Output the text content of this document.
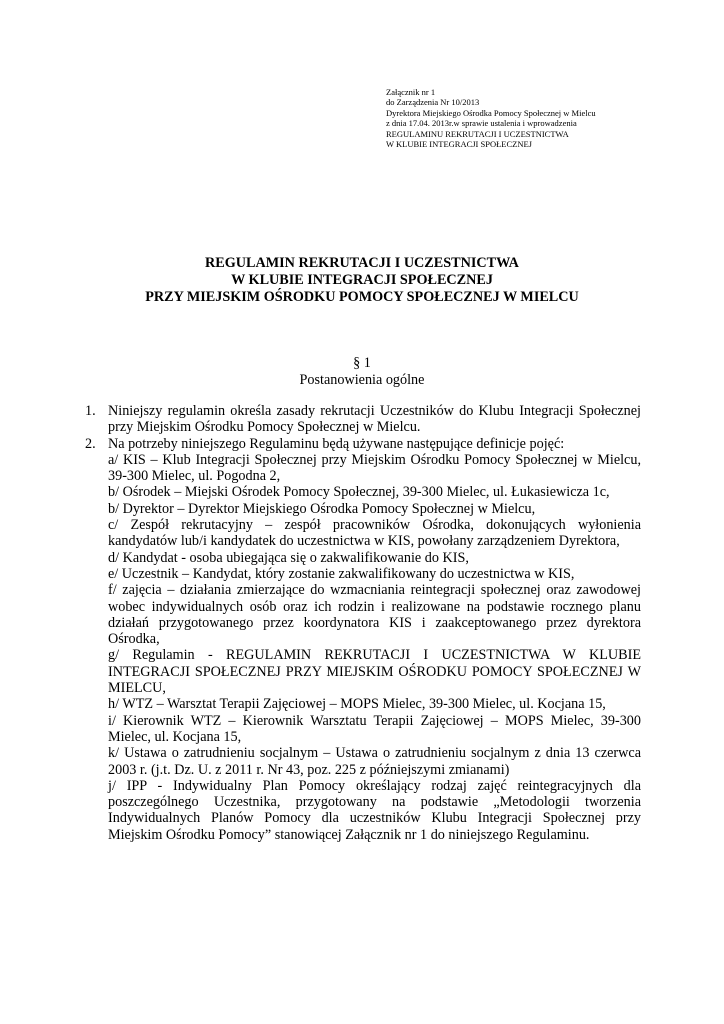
Załącznik nr 1
do Zarządzenia Nr 10/2013
Dyrektora Miejskiego Ośrodka Pomocy Społecznej w Mielcu
z dnia 17.04. 2013r.w sprawie ustalenia i wprowadzenia
REGULAMINU REKRUTACJI I UCZESTNICTWA
W KLUBIE INTEGRACJI SPOŁECZNEJ
REGULAMIN REKRUTACJI I UCZESTNICTWA
W KLUBIE INTEGRACJI SPOŁECZNEJ
PRZY MIEJSKIM OŚRODKU POMOCY SPOŁECZNEJ W MIELCU
§ 1
Postanowienia ogólne
1. Niniejszy regulamin określa zasady rekrutacji Uczestników do Klubu Integracji Społecznej przy Miejskim Ośrodku Pomocy Społecznej w Mielcu.
2. Na potrzeby niniejszego Regulaminu będą używane następujące definicje pojęć:
a/ KIS – Klub Integracji Społecznej przy Miejskim Ośrodku Pomocy Społecznej w Mielcu, 39-300 Mielec, ul. Pogodna 2,
b/ Ośrodek – Miejski Ośrodek Pomocy Społecznej, 39-300 Mielec, ul. Łukasiewicza 1c,
b/ Dyrektor – Dyrektor Miejskiego Ośrodka Pomocy Społecznej w Mielcu,
c/ Zespół rekrutacyjny – zespół pracowników Ośrodka, dokonujących wyłonienia kandydatów lub/i kandydatek do uczestnictwa w KIS, powołany zarządzeniem Dyrektora,
d/ Kandydat - osoba ubiegająca się o zakwalifikowanie do KIS,
e/ Uczestnik – Kandydat, który zostanie zakwalifikowany do uczestnictwa w KIS,
f/ zajęcia – działania zmierzające do wzmacniania reintegracji społecznej oraz zawodowej wobec indywidualnych osób oraz ich rodzin i realizowane na podstawie rocznego planu działań przygotowanego przez koordynatora KIS i zaakceptowanego przez dyrektora Ośrodka,
g/ Regulamin - REGULAMIN REKRUTACJI I UCZESTNICTWA W KLUBIE INTEGRACJI SPOŁECZNEJ PRZY MIEJSKIM OŚRODKU POMOCY SPOŁECZNEJ W MIELCU,
h/ WTZ – Warsztat Terapii Zajęciowej – MOPS Mielec, 39-300 Mielec, ul. Kocjana 15,
i/ Kierownik WTZ – Kierownik Warsztatu Terapii Zajęciowej – MOPS Mielec, 39-300 Mielec, ul. Kocjana 15,
k/ Ustawa o zatrudnieniu socjalnym – Ustawa o zatrudnieniu socjalnym z dnia 13 czerwca 2003 r. (j.t. Dz. U. z 2011 r. Nr 43, poz. 225 z późniejszymi zmianami)
j/ IPP - Indywidualny Plan Pomocy określający rodzaj zajęć reintegracyjnych dla poszczególnego Uczestnika, przygotowany na podstawie „Metodologii tworzenia Indywidualnych Planów Pomocy dla uczestników Klubu Integracji Społecznej przy Miejskim Ośrodku Pomocy” stanowiącej Załącznik nr 1 do niniejszego Regulaminu.
